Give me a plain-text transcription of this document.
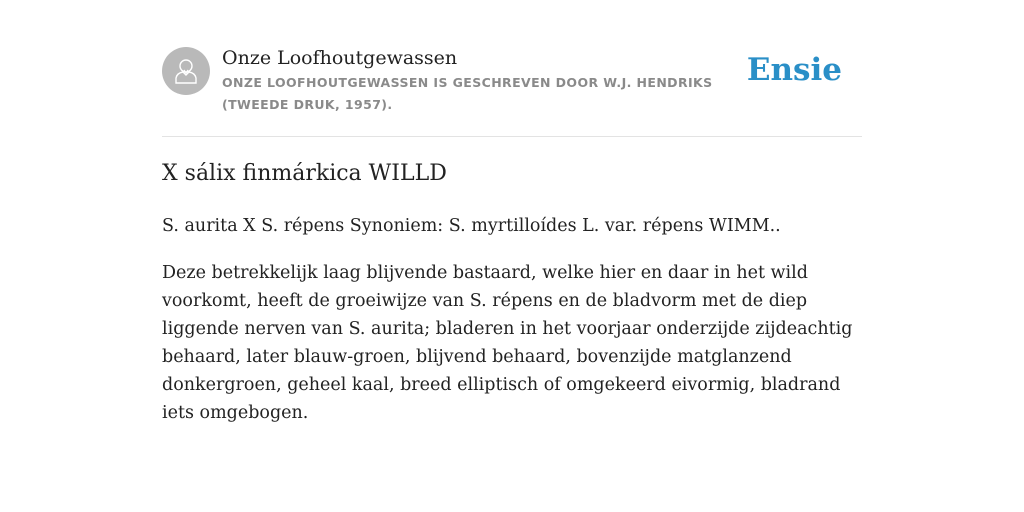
Onze Loofhoutgewassen
ONZE LOOFHOUTGEWASSEN IS GESCHREVEN DOOR W.J. HENDRIKS (TWEEDE DRUK, 1957).
Ensie
X sálix finmárkica WILLD

S. aurita X S. répens Synoniem: S. myrtilloídes L. var. répens WIMM..

Deze betrekkelijk laag blijvende bastaard, welke hier en daar in het wild voorkomt, heeft de groeiwijze van S. répens en de bladvorm met de diep liggende nerven van S. aurita; bladeren in het voorjaar onderzijde zijdeachtig behaard, later blauw-groen, blijvend behaard, bovenzijde matglanzend donkergroen, geheel kaal, breed elliptisch of omgekeerd eivormig, bladrand iets omgebogen.
